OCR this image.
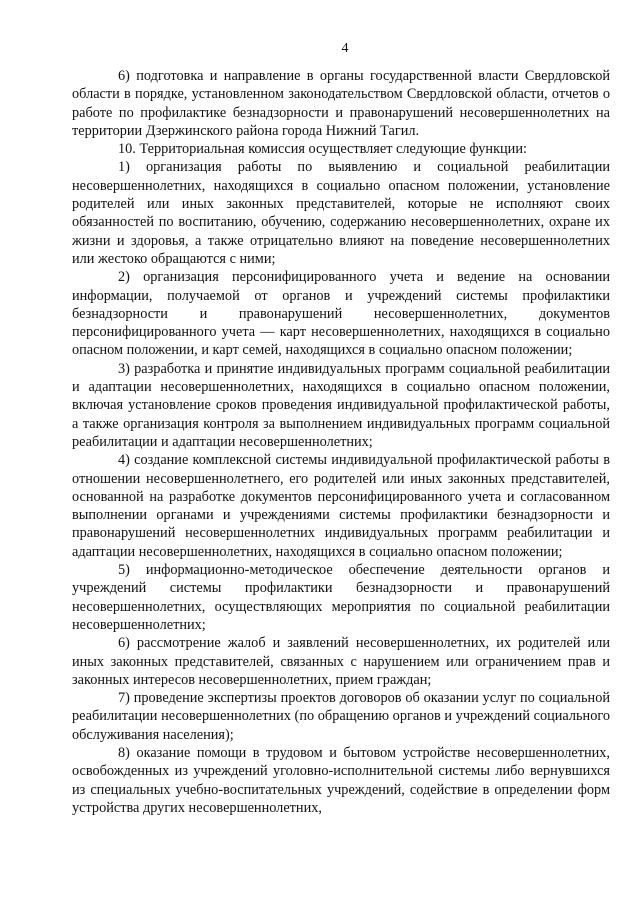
4

6) подготовка и направление в органы государственной власти Свердловской области в порядке, установленном законодательством Свердловской области, отчетов о работе по профилактике безнадзорности и правонарушений несовершеннолетних на территории Дзержинского района города Нижний Тагил.

10. Территориальная комиссия осуществляет следующие функции:

1) организация работы по выявлению и социальной реабилитации несовершеннолетних, находящихся в социально опасном положении, установление родителей или иных законных представителей, которые не исполняют своих обязанностей по воспитанию, обучению, содержанию несовершеннолетних, охране их жизни и здоровья, а также отрицательно влияют на поведение несовершеннолетних или жестоко обращаются с ними;

2) организация персонифицированного учета и ведение на основании информации, получаемой от органов и учреждений системы профилактики безнадзорности и правонарушений несовершеннолетних, документов персонифицированного учета — карт несовершеннолетних, находящихся в социально опасном положении, и карт семей, находящихся в социально опасном положении;

3) разработка и принятие индивидуальных программ социальной реабилитации и адаптации несовершеннолетних, находящихся в социально опасном положении, включая установление сроков проведения индивидуальной профилактической работы, а также организация контроля за выполнением индивидуальных программ социальной реабилитации и адаптации несовершеннолетних;

4) создание комплексной системы индивидуальной профилактической работы в отношении несовершеннолетнего, его родителей или иных законных представителей, основанной на разработке документов персонифицированного учета и согласованном выполнении органами и учреждениями системы профилактики безнадзорности и правонарушений несовершеннолетних индивидуальных программ реабилитации и адаптации несовершеннолетних, находящихся в социально опасном положении;

5) информационно-методическое обеспечение деятельности органов и учреждений системы профилактики безнадзорности и правонарушений несовершеннолетних, осуществляющих мероприятия по социальной реабилитации несовершеннолетних;

6) рассмотрение жалоб и заявлений несовершеннолетних, их родителей или иных законных представителей, связанных с нарушением или ограничением прав и законных интересов несовершеннолетних, прием граждан;

7) проведение экспертизы проектов договоров об оказании услуг по социальной реабилитации несовершеннолетних (по обращению органов и учреждений социального обслуживания населения);

8) оказание помощи в трудовом и бытовом устройстве несовершеннолетних, освобожденных из учреждений уголовно-исполнительной системы либо вернувшихся из специальных учебно-воспитательных учреждений, содействие в определении форм устройства других несовершеннолетних,
